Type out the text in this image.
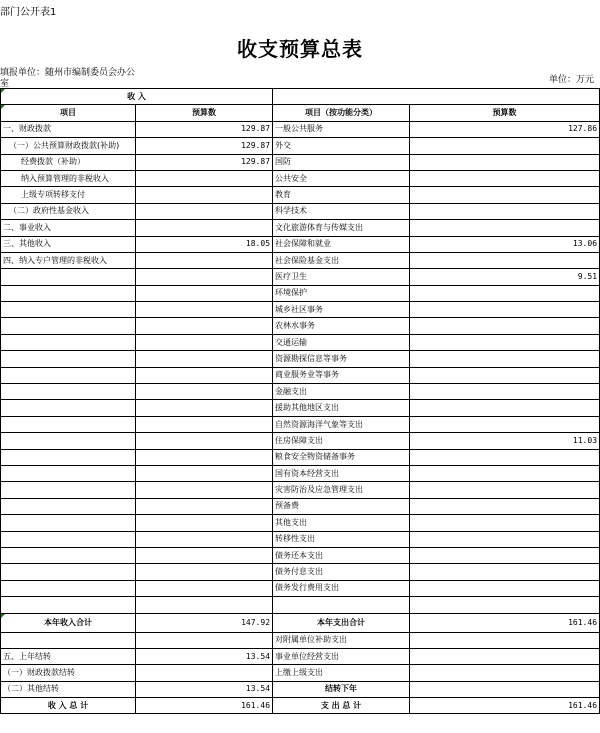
部门公开表1
收支预算总表
填报单位：随州市编制委员会办公室	单位：万元
收 入			
项目	预算数	项目（按功能分类）	预算数
一、财政拨款	129.87	一般公共服务	127.86
（一）公共预算财政拨款(补助)	129.87	外交	
经费拨款（补助）	129.87	国防	
纳入预算管理的非税收入		公共安全	
上级专项转移支付		教育	
（二）政府性基金收入		科学技术	
二、事业收入		文化旅游体育与传媒支出	
三、其他收入	18.05	社会保障和就业	13.06
四、纳入专户管理的非税收入		社会保险基金支出	
		医疗卫生	9.51
		环境保护	
		城乡社区事务	
		农林水事务	
		交通运输	
		资源勘探信息等事务	
		商业服务业等事务	
		金融支出	
		援助其他地区支出	
		自然资源海洋气象等支出	
		住房保障支出	11.03
		粮食安全物资储备事务	
		国有资本经营支出	
		灾害防治及应急管理支出	
		预备费	
		其他支出	
		转移性支出	
		债务还本支出	
		债务付息支出	
		债务发行费用支出	

本年收入合计	147.92	本年支出合计	161.46
		对附属单位补助支出	
五、上年结转	13.54	事业单位经营支出	
（一）财政拨款结转		上缴上级支出	
（二）其他结转	13.54	结转下年	
收 入 总 计	161.46	支 出 总 计	161.46
